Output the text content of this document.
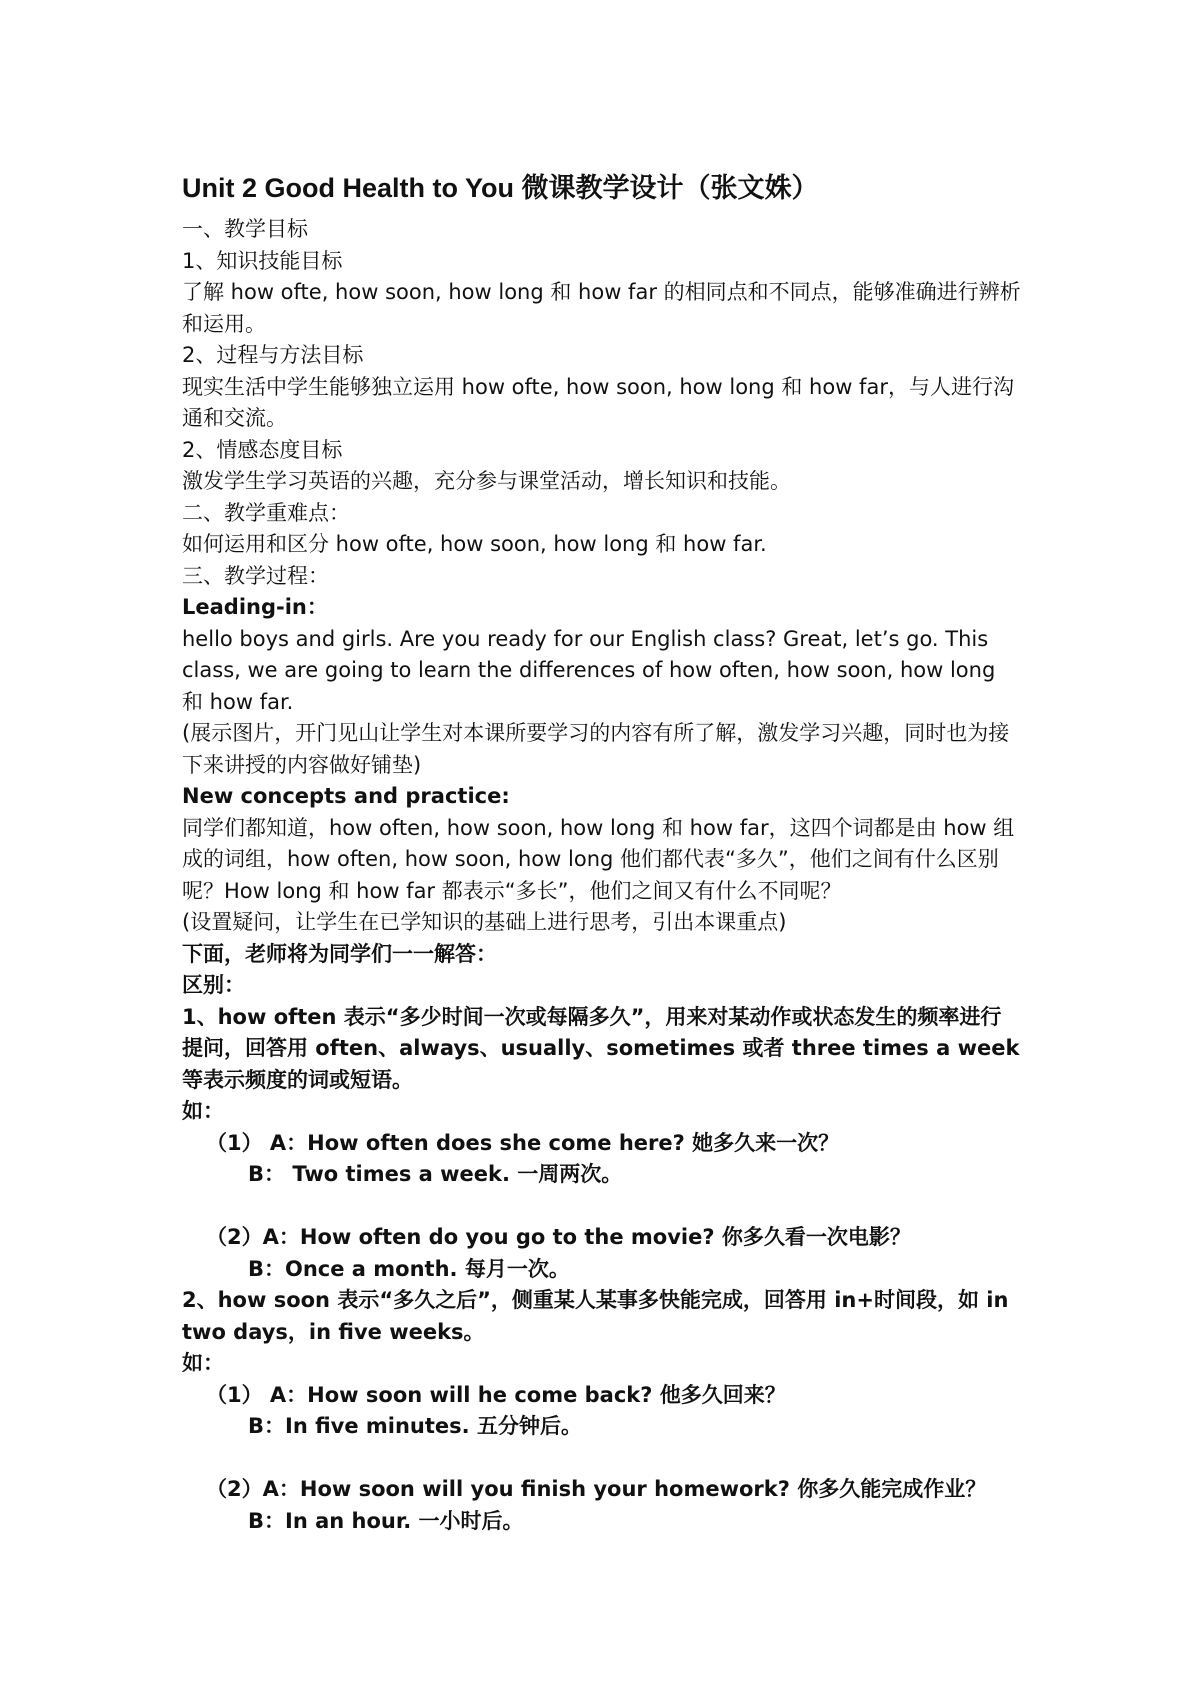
Unit 2 Good Health to You 微课教学设计（张文姝）

一、教学目标

1、知识技能目标

了解 how ofte, how soon, how long 和 how far 的相同点和不同点，能够准确进行辨析和运用。

2、过程与方法目标

现实生活中学生能够独立运用 how ofte, how soon, how long 和 how far，与人进行沟通和交流。

2、情感态度目标

激发学生学习英语的兴趣，充分参与课堂活动，增长知识和技能。

二、教学重难点：

如何运用和区分 how ofte, how soon, how long 和 how far.

三、教学过程：

Leading-in：

hello boys and girls. Are you ready for our English class? Great, let’s go. This class, we are going to learn the differences of how often, how soon, how long 和 how far.

(展示图片，开门见山让学生对本课所要学习的内容有所了解，激发学习兴趣，同时也为接下来讲授的内容做好铺垫)

New concepts and practice:

同学们都知道，how often, how soon, how long 和 how far，这四个词都是由 how 组成的词组，how often, how soon, how long 他们都代表“多久”，他们之间有什么区别呢？How long 和 how far 都表示“多长”，他们之间又有什么不同呢？

(设置疑问，让学生在已学知识的基础上进行思考，引出本课重点)

下面，老师将为同学们一一解答：

区别：

1、how often 表示“多少时间一次或每隔多久”，用来对某动作或状态发生的频率进行提问，回答用 often、always、usually、sometimes 或者 three times a week 等表示频度的词或短语。

如：

（1） A：How often does she come here? 她多久来一次？

B： Two times a week. 一周两次。

（2）A：How often do you go to the movie? 你多久看一次电影？

B：Once a month. 每月一次。

2、how soon 表示“多久之后”，侧重某人某事多快能完成，回答用 in+时间段，如 in two days，in five weeks。

如：

（1） A：How soon will he come back? 他多久回来？

B：In five minutes. 五分钟后。

（2）A：How soon will you finish your homework? 你多久能完成作业？

B：In an hour. 一小时后。
